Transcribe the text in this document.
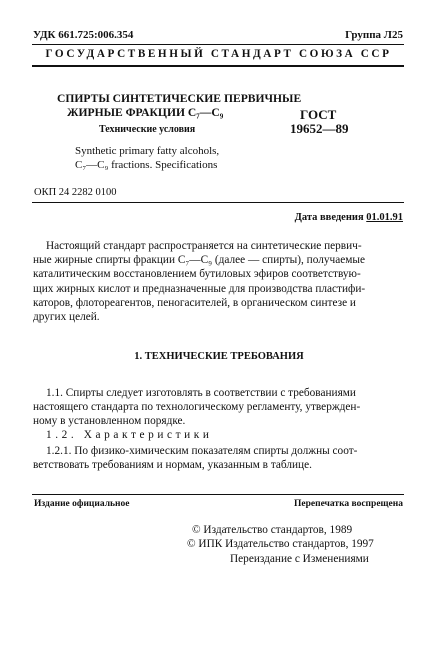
УДК 661.725:006.354	Группа Л25
ГОСУДАРСТВЕННЫЙ СТАНДАРТ СОЮЗА ССР
СПИРТЫ СИНТЕТИЧЕСКИЕ ПЕРВИЧНЫЕ
ЖИРНЫЕ ФРАКЦИИ C₇—C₉
Технические условия
Synthetic primary fatty alcohols,
C₇—C₉ fractions. Specifications
ГОСТ
19652—89
ОКП 24 2282 0100
Дата введения 01.01.91
Настоящий стандарт распространяется на синтетические первич-
ные жирные спирты фракции C₇—C₉ (далее — спирты), получаемые
каталитическим восстановлением бутиловых эфиров соответствую-
щих жирных кислот и предназначенные для производства пластифи-
каторов, флотореагентов, пеногасителей, в органическом синтезе и
других целей.
1. ТЕХНИЧЕСКИЕ ТРЕБОВАНИЯ
1.1. Спирты следует изготовлять в соответствии с требованиями
настоящего стандарта по технологическому регламенту, утвержден-
ному в установленном порядке.
1.2. Характеристики
1.2.1. По физико-химическим показателям спирты должны соот-
ветствовать требованиям и нормам, указанным в таблице.
Издание официальное	Перепечатка воспрещена
© Издательство стандартов, 1989
© ИПК Издательство стандартов, 1997
Переиздание с Изменениями
